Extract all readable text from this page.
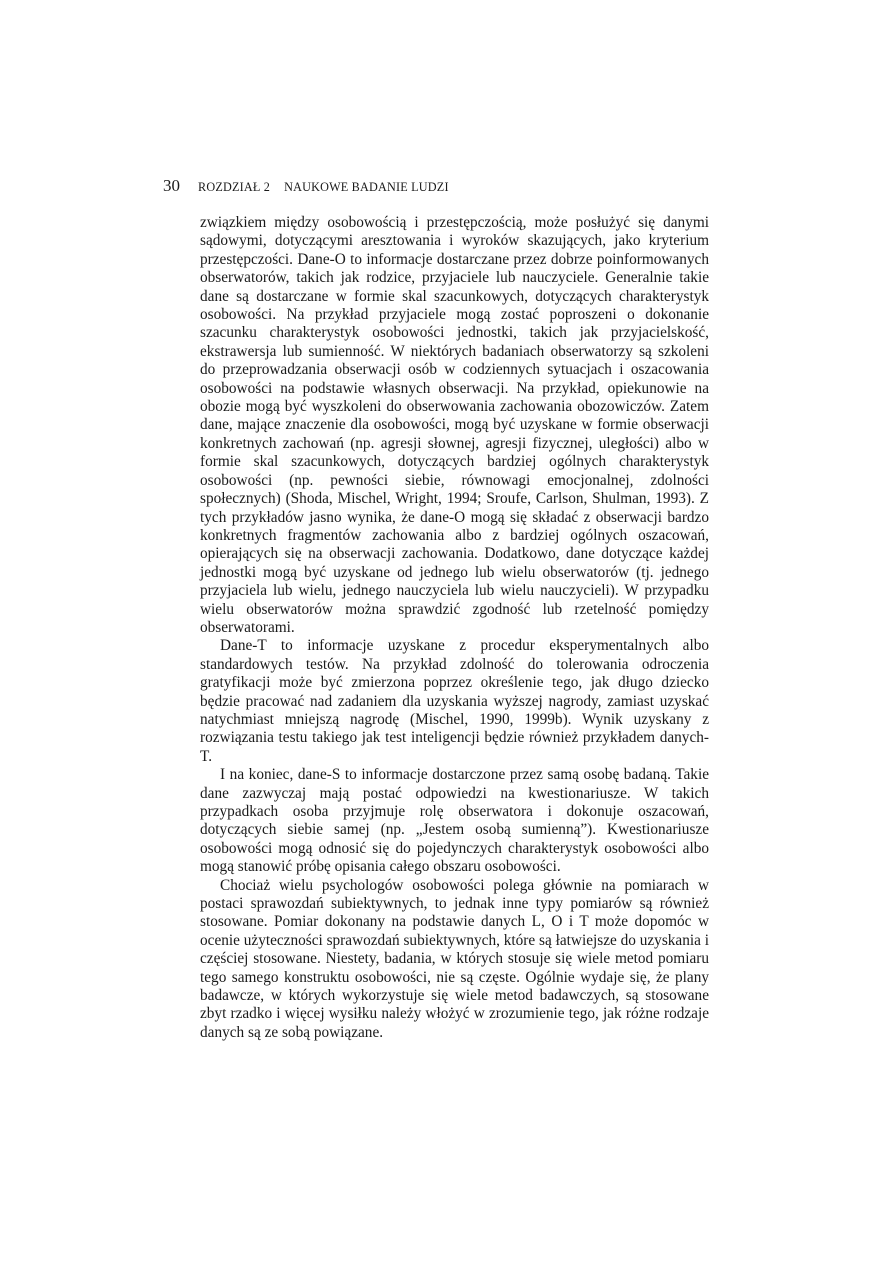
30 ROZDZIAŁ 2 NAUKOWE BADANIE LUDZI

związkiem między osobowością i przestępczością, może posłużyć się danymi sądowymi, dotyczącymi aresztowania i wyroków skazujących, jako kryterium przestępczości. Dane-O to informacje dostarczane przez dobrze poinformowanych obserwatorów, takich jak rodzice, przyjaciele lub nauczyciele. Generalnie takie dane są dostarczane w formie skal szacunkowych, dotyczących charakterystyk osobowości. Na przykład przyjaciele mogą zostać poproszeni o dokonanie szacunku charakterystyk osobowości jednostki, takich jak przyjacielskość, ekstrawersja lub sumienność. W niektórych badaniach obserwatorzy są szkoleni do przeprowadzania obserwacji osób w codziennych sytuacjach i oszacowania osobowości na podstawie własnych obserwacji. Na przykład, opiekunowie na obozie mogą być wyszkoleni do obserwowania zachowania obozowiczów. Zatem dane, mające znaczenie dla osobowości, mogą być uzyskane w formie obserwacji konkretnych zachowań (np. agresji słownej, agresji fizycznej, uległości) albo w formie skal szacunkowych, dotyczących bardziej ogólnych charakterystyk osobowości (np. pewności siebie, równowagi emocjonalnej, zdolności społecznych) (Shoda, Mischel, Wright, 1994; Sroufe, Carlson, Shulman, 1993). Z tych przykładów jasno wynika, że dane-O mogą się składać z obserwacji bardzo konkretnych fragmentów zachowania albo z bardziej ogólnych oszacowań, opierających się na obserwacji zachowania. Dodatkowo, dane dotyczące każdej jednostki mogą być uzyskane od jednego lub wielu obserwatorów (tj. jednego przyjaciela lub wielu, jednego nauczyciela lub wielu nauczycieli). W przypadku wielu obserwatorów można sprawdzić zgodność lub rzetelność pomiędzy obserwatorami.

Dane-T to informacje uzyskane z procedur eksperymentalnych albo standardowych testów. Na przykład zdolność do tolerowania odroczenia gratyfikacji może być zmierzona poprzez określenie tego, jak długo dziecko będzie pracować nad zadaniem dla uzyskania wyższej nagrody, zamiast uzyskać natychmiast mniejszą nagrodę (Mischel, 1990, 1999b). Wynik uzyskany z rozwiązania testu takiego jak test inteligencji będzie również przykładem danych-T.

I na koniec, dane-S to informacje dostarczone przez samą osobę badaną. Takie dane zazwyczaj mają postać odpowiedzi na kwestionariusze. W takich przypadkach osoba przyjmuje rolę obserwatora i dokonuje oszacowań, dotyczących siebie samej (np. „Jestem osobą sumienną”). Kwestionariusze osobowości mogą odnosić się do pojedynczych charakterystyk osobowości albo mogą stanowić próbę opisania całego obszaru osobowości.

Chociaż wielu psychologów osobowości polega głównie na pomiarach w postaci sprawozdań subiektywnych, to jednak inne typy pomiarów są również stosowane. Pomiar dokonany na podstawie danych L, O i T może dopomóc w ocenie użyteczności sprawozdań subiektywnych, które są łatwiejsze do uzyskania i częściej stosowane. Niestety, badania, w których stosuje się wiele metod pomiaru tego samego konstruktu osobowości, nie są częste. Ogólnie wydaje się, że plany badawcze, w których wykorzystuje się wiele metod badawczych, są stosowane zbyt rzadko i więcej wysiłku należy włożyć w zrozumienie tego, jak różne rodzaje danych są ze sobą powiązane.
